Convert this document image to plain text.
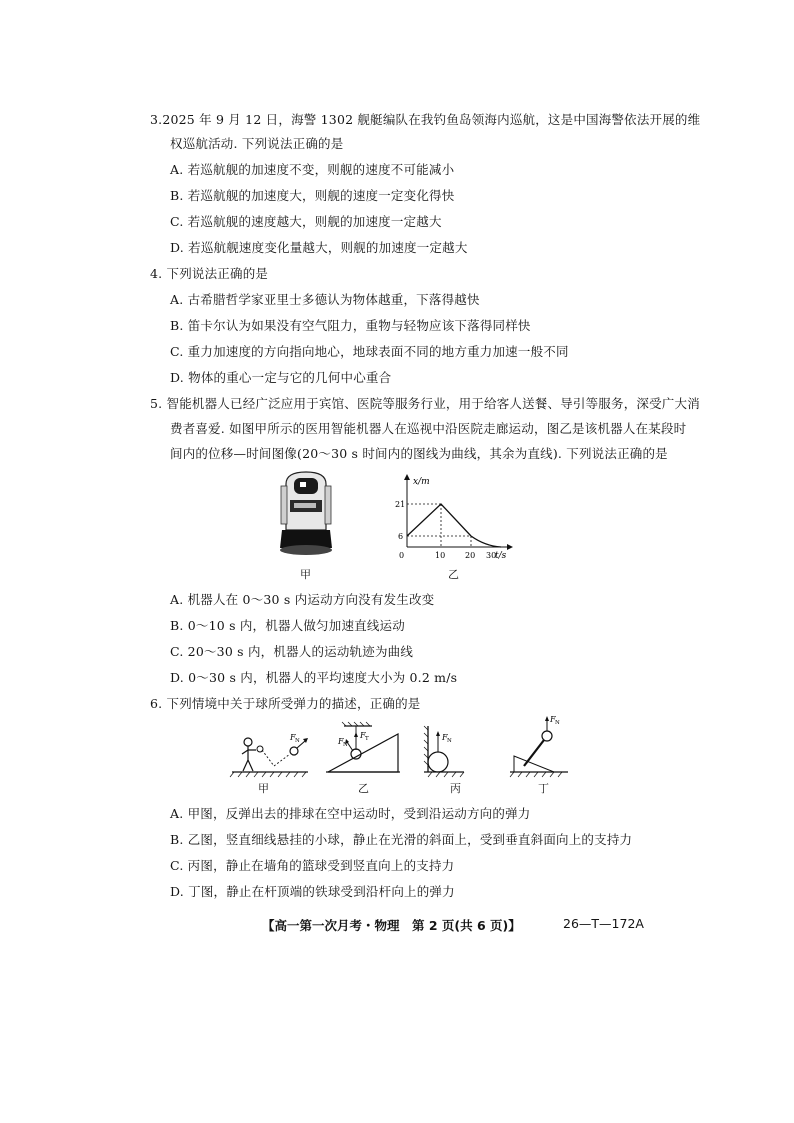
3.2025 年 9 月 12 日，海警 1302 舰艇编队在我钓鱼岛领海内巡航，这是中国海警依法开展的维
权巡航活动. 下列说法正确的是
A. 若巡航舰的加速度不变，则舰的速度不可能减小
B. 若巡航舰的加速度大，则舰的速度一定变化得快
C. 若巡航舰的速度越大，则舰的加速度一定越大
D. 若巡航舰速度变化量越大，则舰的加速度一定越大
4. 下列说法正确的是
A. 古希腊哲学家亚里士多德认为物体越重，下落得越快
B. 笛卡尔认为如果没有空气阻力，重物与轻物应该下落得同样快
C. 重力加速度的方向指向地心，地球表面不同的地方重力加速一般不同
D. 物体的重心一定与它的几何中心重合
5. 智能机器人已经广泛应用于宾馆、医院等服务行业，用于给客人送餐、导引等服务，深受广大消
费者喜爱. 如图甲所示的医用智能机器人在巡视中沿医院走廊运动，图乙是该机器人在某段时
间内的位移—时间图像(20～30 s 时间内的图线为曲线，其余为直线). 下列说法正确的是
甲
x/m
t/s
0
21
6
10 20 30
乙
A. 机器人在 0～30 s 内运动方向没有发生改变
B. 0～10 s 内，机器人做匀加速直线运动
C. 20～30 s 内，机器人的运动轨迹为曲线
D. 0～30 s 内，机器人的平均速度大小为 0.2 m/s
6. 下列情境中关于球所受弹力的描述，正确的是
F N
甲
F T
F N
乙
F N
丙
F N
丁
A. 甲图，反弹出去的排球在空中运动时，受到沿运动方向的弹力
B. 乙图，竖直细线悬挂的小球，静止在光滑的斜面上，受到垂直斜面向上的支持力
C. 丙图，静止在墙角的篮球受到竖直向上的支持力
D. 丁图，静止在杆顶端的铁球受到沿杆向上的弹力
【高一第一次月考・物理　第 2 页(共 6 页)】	26—T—172A
